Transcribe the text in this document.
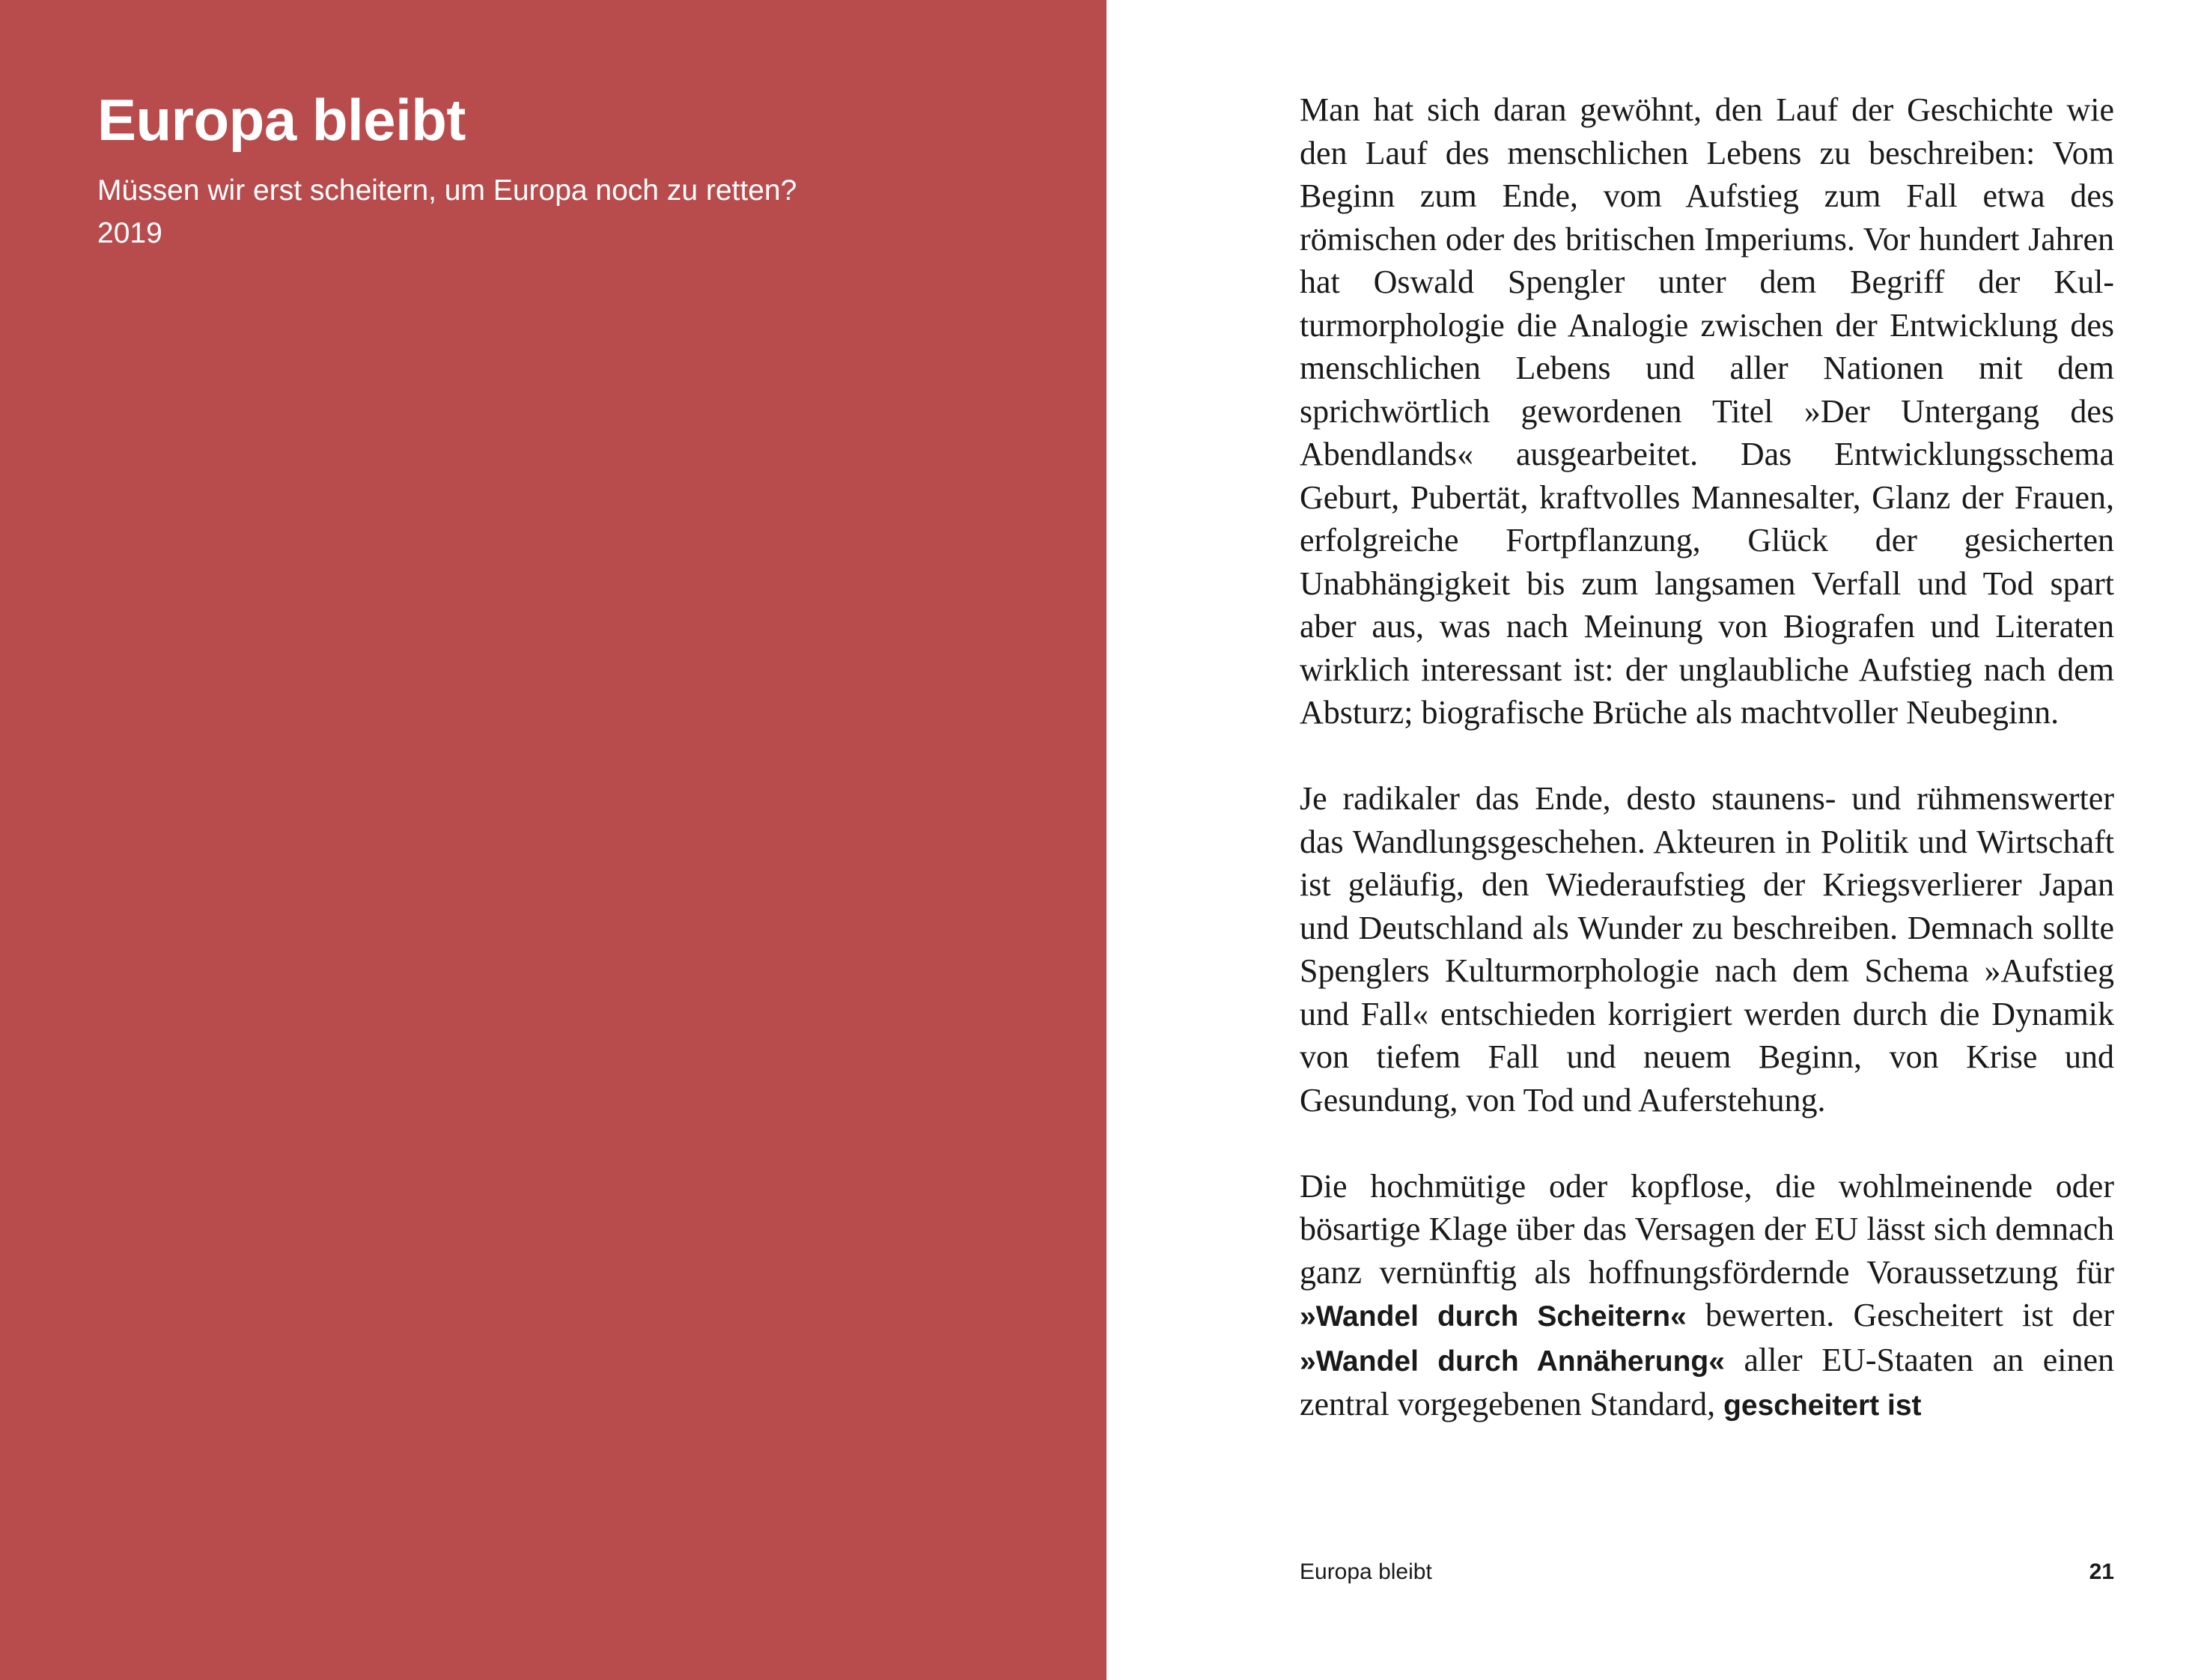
Europa bleibt

Müssen wir erst scheitern, um Europa noch zu retten?

2019

Man hat sich daran gewöhnt, den Lauf der Geschichte wie den Lauf des menschlichen Lebens zu beschreiben: Vom Beginn zum Ende, vom Aufstieg zum Fall etwa des römischen oder des britischen Imperiums. Vor hundert Jahren hat Oswald Spengler unter dem Begriff der Kulturmorphologie die Analogie zwischen der Entwicklung des menschlichen Lebens und aller Nationen mit dem sprichwörtlich gewordenen Titel »Der Untergang des Abendlands« ausgearbeitet. Das Entwicklungsschema Geburt, Pubertät, kraftvolles Mannesalter, Glanz der Frauen, erfolgreiche Fortpflanzung, Glück der gesicherten Unabhängigkeit bis zum langsamen Verfall und Tod spart aber aus, was nach Meinung von Biografen und Literaten wirklich interessant ist: der unglaubliche Aufstieg nach dem Absturz; biografische Brüche als machtvoller Neubeginn.

Je radikaler das Ende, desto staunens- und rühmenswerter das Wandlungsgeschehen. Akteuren in Politik und Wirtschaft ist geläufig, den Wiederaufstieg der Kriegsverlierer Japan und Deutschland als Wunder zu beschreiben. Demnach sollte Spenglers Kulturmorphologie nach dem Schema »Aufstieg und Fall« entschieden korrigiert werden durch die Dynamik von tiefem Fall und neuem Beginn, von Krise und Gesundung, von Tod und Auferstehung.

Die hochmütige oder kopflose, die wohlmeinende oder bösartige Klage über das Versagen der EU lässt sich demnach ganz vernünftig als hoffnungsfördernde Voraussetzung für »Wandel durch Scheitern« bewerten. Gescheitert ist der »Wandel durch Annäherung« aller EU-Staaten an einen zentral vorgegebenen Standard, gescheitert ist

Europa bleibt	21
